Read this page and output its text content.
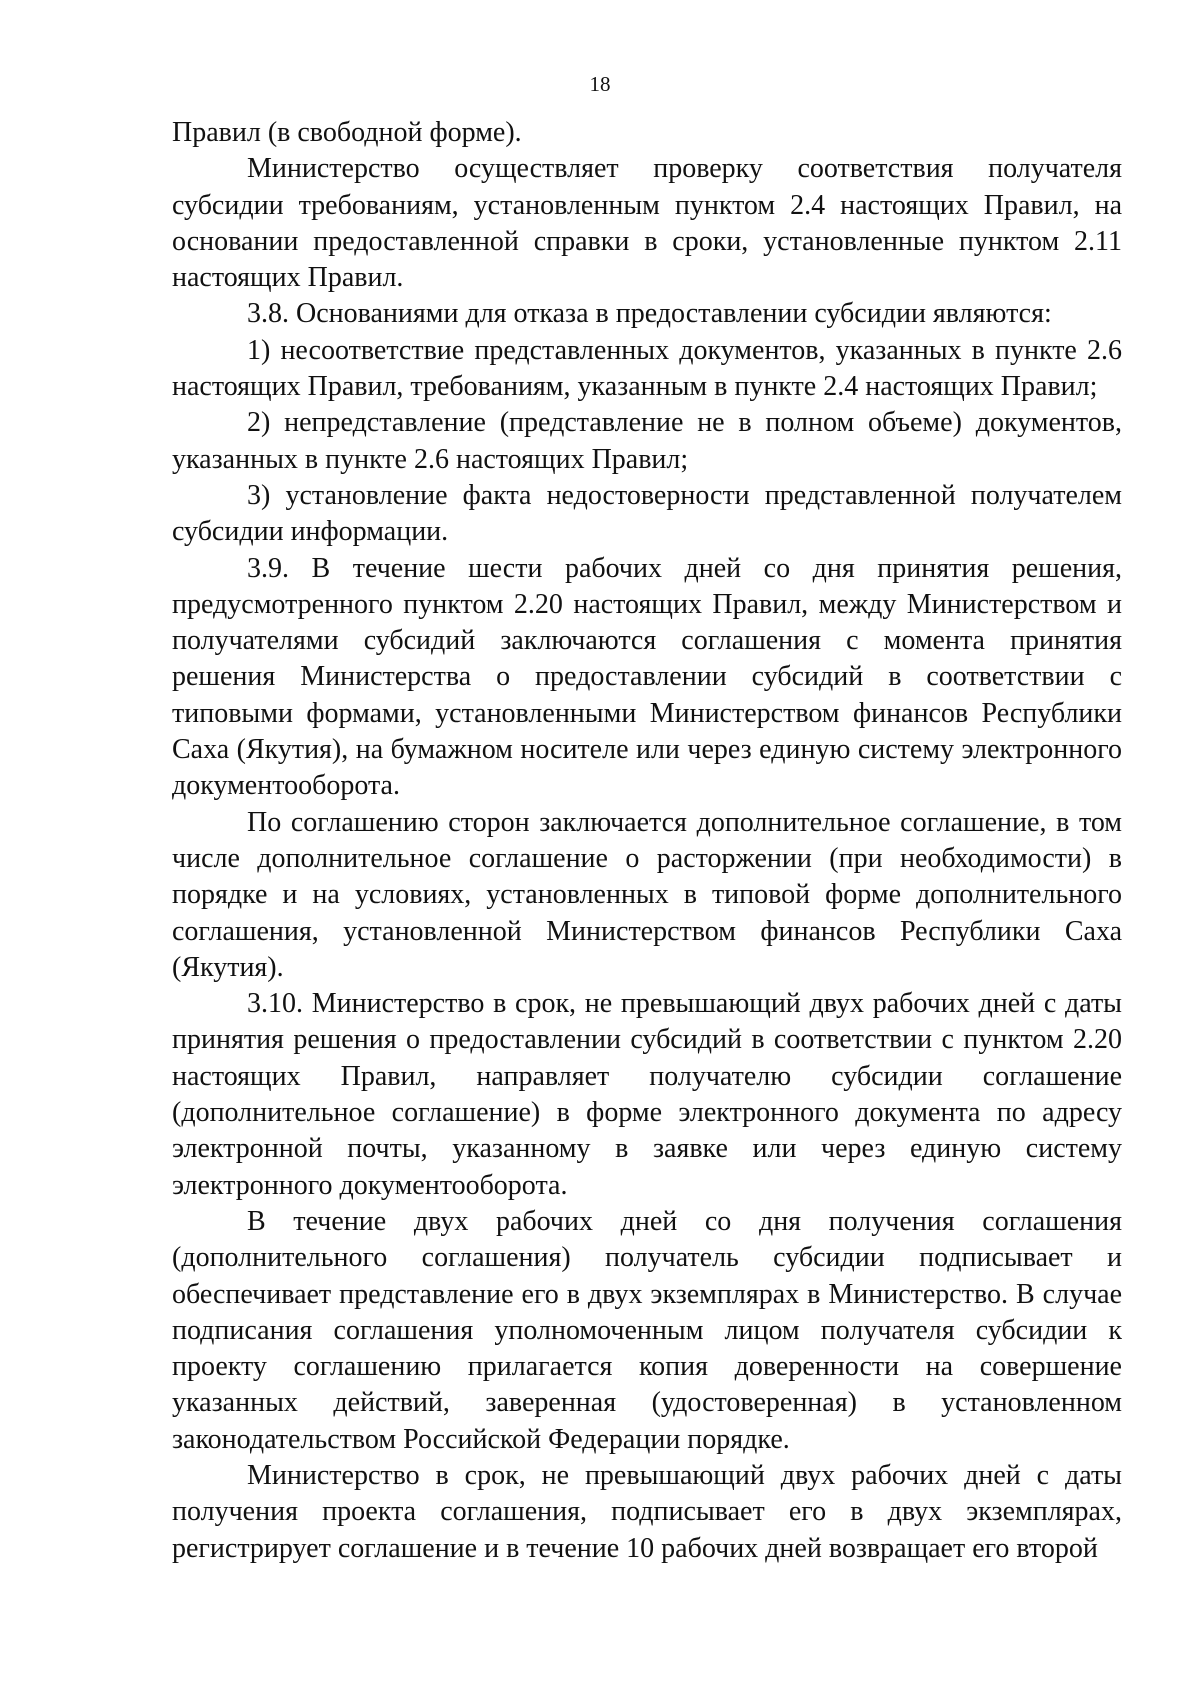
18

Правил (в свободной форме).

Министерство осуществляет проверку соответствия получателя субсидии требованиям, установленным пунктом 2.4 настоящих Правил, на основании предоставленной справки в сроки, установленные пунктом 2.11 настоящих Правил.

3.8. Основаниями для отказа в предоставлении субсидии являются:

1) несоответствие представленных документов, указанных в пункте 2.6 настоящих Правил, требованиям, указанным в пункте 2.4 настоящих Правил;

2) непредставление (представление не в полном объеме) документов, указанных в пункте 2.6 настоящих Правил;

3) установление факта недостоверности представленной получателем субсидии информации.

3.9. В течение шести рабочих дней со дня принятия решения, предусмотренного пунктом 2.20 настоящих Правил, между Министерством и получателями субсидий заключаются соглашения с момента принятия решения Министерства о предоставлении субсидий в соответствии с типовыми формами, установленными Министерством финансов Республики Саха (Якутия), на бумажном носителе или через единую систему электронного документооборота.

По соглашению сторон заключается дополнительное соглашение, в том числе дополнительное соглашение о расторжении (при необходимости) в порядке и на условиях, установленных в типовой форме дополнительного соглашения, установленной Министерством финансов Республики Саха (Якутия).

3.10. Министерство в срок, не превышающий двух рабочих дней с даты принятия решения о предоставлении субсидий в соответствии с пунктом 2.20 настоящих Правил, направляет получателю субсидии соглашение (дополнительное соглашение) в форме электронного документа по адресу электронной почты, указанному в заявке или через единую систему электронного документооборота.

В течение двух рабочих дней со дня получения соглашения (дополнительного соглашения) получатель субсидии подписывает и обеспечивает представление его в двух экземплярах в Министерство. В случае подписания соглашения уполномоченным лицом получателя субсидии к проекту соглашению прилагается копия доверенности на совершение указанных действий, заверенная (удостоверенная) в установленном законодательством Российской Федерации порядке.

Министерство в срок, не превышающий двух рабочих дней с даты получения проекта соглашения, подписывает его в двух экземплярах, регистрирует соглашение и в течение 10 рабочих дней возвращает его второй
